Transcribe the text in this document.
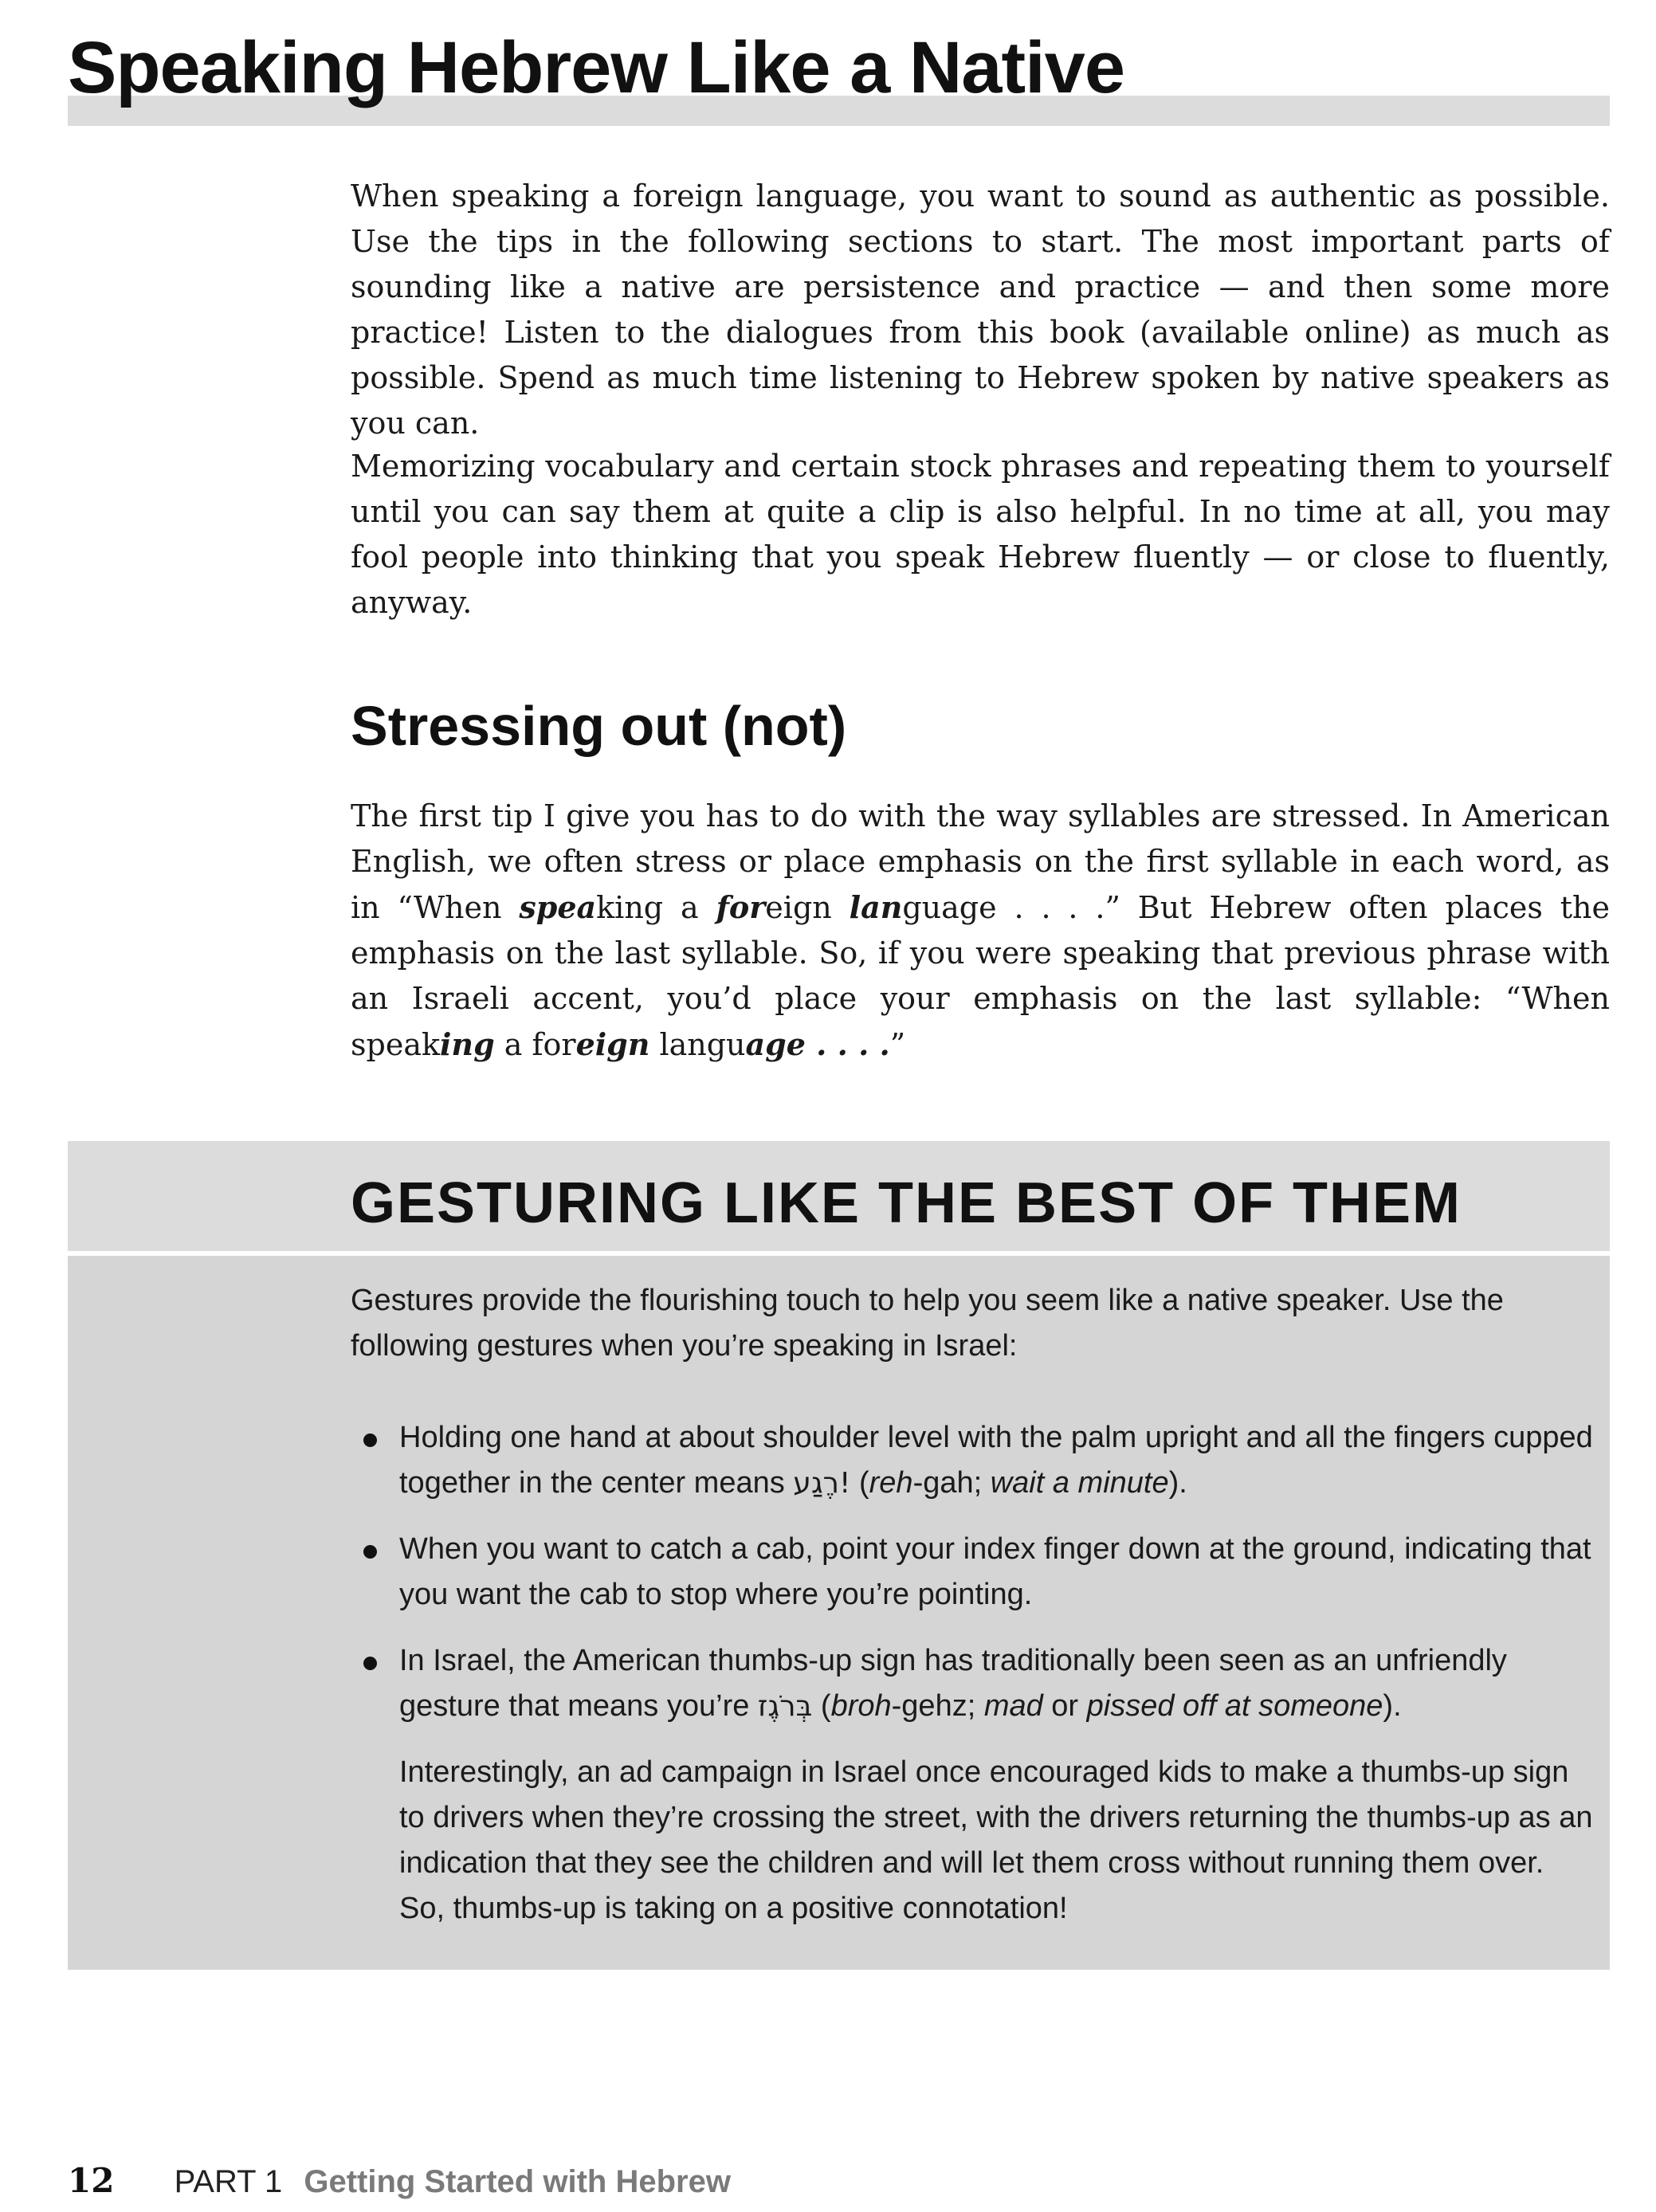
Speaking Hebrew Like a Native

When speaking a foreign language, you want to sound as authentic as possible. Use the tips in the following sections to start. The most important parts of sounding like a native are persistence and practice — and then some more practice! Listen to the dialogues from this book (available online) as much as possible. Spend as much time listening to Hebrew spoken by native speakers as you can.

Memorizing vocabulary and certain stock phrases and repeating them to yourself until you can say them at quite a clip is also helpful. In no time at all, you may fool people into thinking that you speak Hebrew fluently — or close to fluently, anyway.

Stressing out (not)

The first tip I give you has to do with the way syllables are stressed. In American English, we often stress or place emphasis on the first syllable in each word, as in “When speaking a foreign language . . . .” But Hebrew often places the emphasis on the last syllable. So, if you were speaking that previous phrase with an Israeli accent, you’d place your emphasis on the last syllable: “When speaking a foreign language . . . .”

GESTURING LIKE THE BEST OF THEM

Gestures provide the flourishing touch to help you seem like a native speaker. Use the following gestures when you’re speaking in Israel:

Holding one hand at about shoulder level with the palm upright and all the fingers cupped together in the center means !רֶגַע (reh-gah; wait a minute).

When you want to catch a cab, point your index finger down at the ground, indicating that you want the cab to stop where you’re pointing.

In Israel, the American thumbs-up sign has traditionally been seen as an unfriendly gesture that means you’re בְּרֹגֶז (broh-gehz; mad or pissed off at someone).

Interestingly, an ad campaign in Israel once encouraged kids to make a thumbs-up sign to drivers when they’re crossing the street, with the drivers returning the thumbs-up as an indication that they see the children and will let them cross without running them over. So, thumbs-up is taking on a positive connotation!

12 PART 1 Getting Started with Hebrew
